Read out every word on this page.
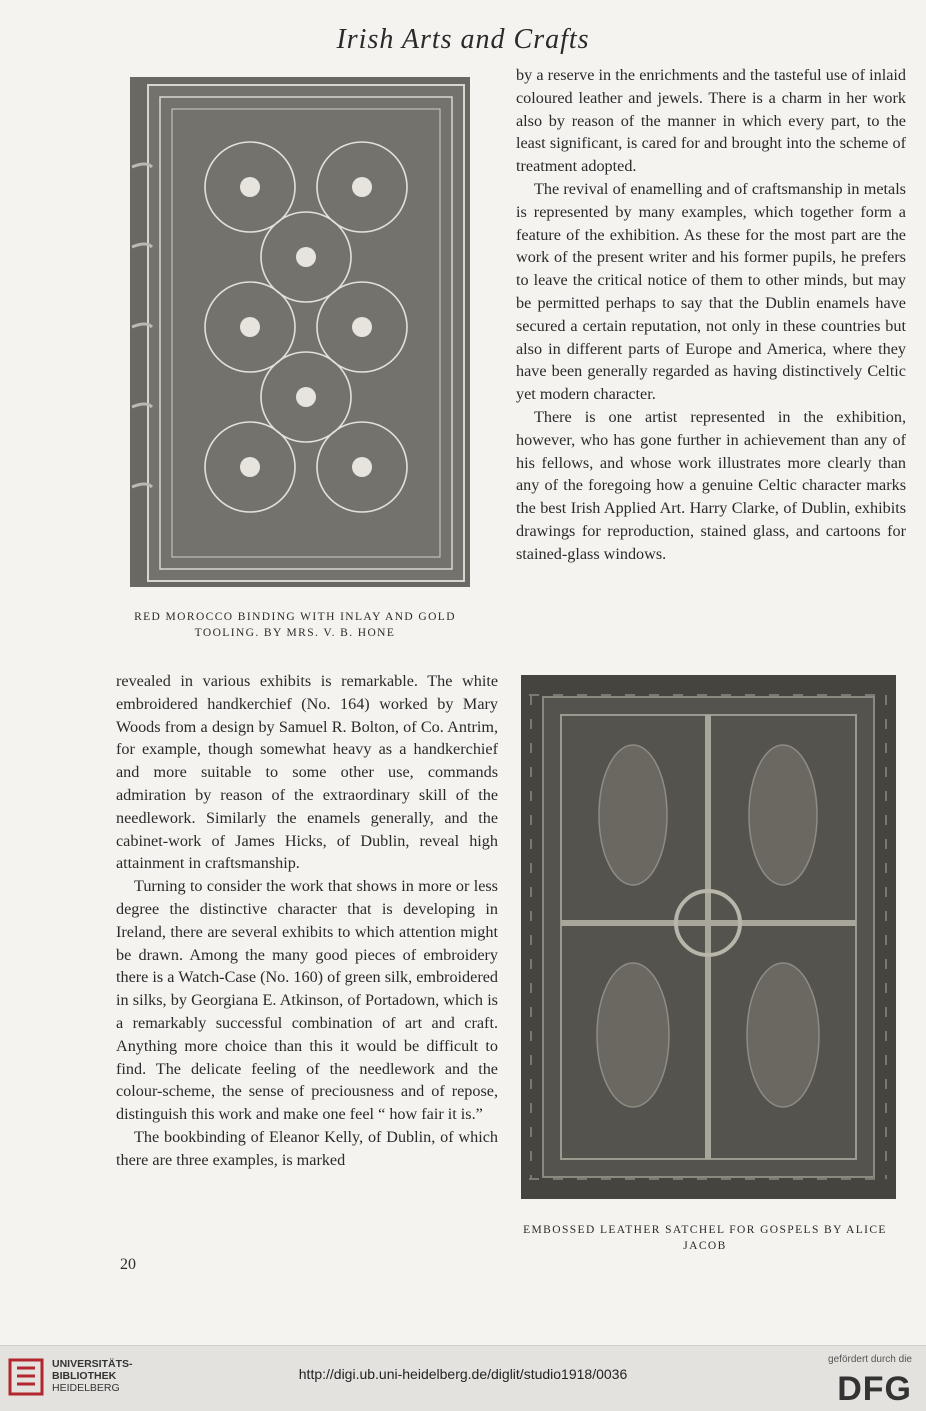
Irish Arts and Crafts
RED MOROCCO BINDING WITH INLAY AND GOLD TOOLING. BY MRS. V. B. HONE

by a reserve in the enrichments and the tasteful use of inlaid coloured leather and jewels. There is a charm in her work also by reason of the manner in which every part, to the least significant, is cared for and brought into the scheme of treatment adopted.

The revival of enamelling and of craftsmanship in metals is represented by many examples, which together form a feature of the exhibition. As these for the most part are the work of the present writer and his former pupils, he prefers to leave the critical notice of them to other minds, but may be permitted perhaps to say that the Dublin enamels have secured a certain reputation, not only in these countries but also in different parts of Europe and America, where they have been generally regarded as having distinctively Celtic yet modern character.

There is one artist represented in the exhibition, however, who has gone further in achievement than any of his fellows, and whose work illustrates more clearly than any of the foregoing how a genuine Celtic character marks the best Irish Applied Art. Harry Clarke, of Dublin, exhibits drawings for reproduction, stained glass, and cartoons for stained-glass windows.

revealed in various exhibits is remarkable. The white embroidered handkerchief (No. 164) worked by Mary Woods from a design by Samuel R. Bolton, of Co. Antrim, for example, though somewhat heavy as a handkerchief and more suitable to some other use, commands admiration by reason of the extraordinary skill of the needlework. Similarly the enamels generally, and the cabinet-work of James Hicks, of Dublin, reveal high attainment in craftsmanship.

Turning to consider the work that shows in more or less degree the distinctive character that is developing in Ireland, there are several exhibits to which attention might be drawn. Among the many good pieces of embroidery there is a Watch-Case (No. 160) of green silk, embroidered in silks, by Georgiana E. Atkinson, of Portadown, which is a remarkably successful combination of art and craft. Anything more choice than this it would be difficult to find. The delicate feeling of the needlework and the colour-scheme, the sense of preciousness and of repose, distinguish this work and make one feel “ how fair it is.”

The bookbinding of Eleanor Kelly, of Dublin, of which there are three examples, is marked

EMBOSSED LEATHER SATCHEL FOR GOSPELS BY ALICE JACOB
20
UNIVERSITÄTS-
BIBLIOTHEK
HEIDELBERG
http://digi.ub.uni-heidelberg.de/diglit/studio1918/0036
gefördert durch die
DFG
